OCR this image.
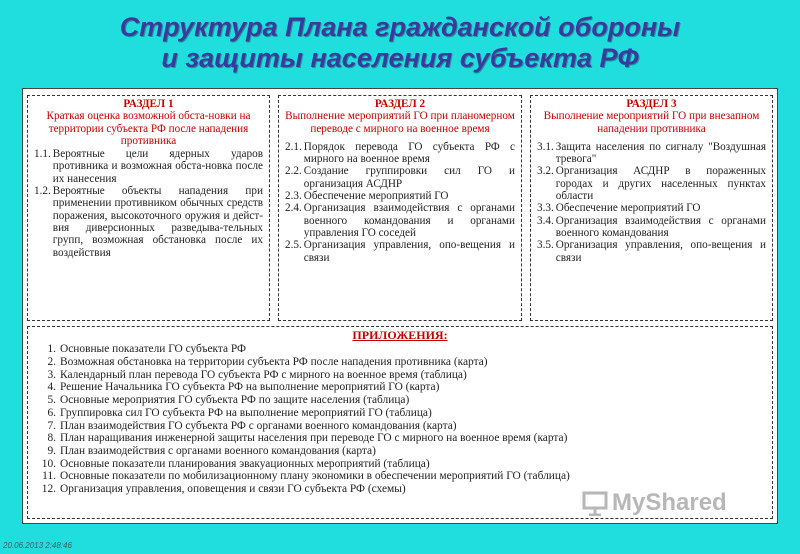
Структура Плана гражданской обороны
и защиты населения субъекта РФ
РАЗДЕЛ 1
Краткая оценка возможной обста-новки на территории субъекта РФ после нападения противника
1.1. Вероятные цели ядерных ударов противника и возможная обста-новка после их нанесения
1.2. Вероятные объекты нападения при применении противником обычных средств поражения, высокоточного оружия и дейст-вия диверсионных разведыва-тельных групп, возможная обстановка после их воздействия
РАЗДЕЛ 2
Выполнение мероприятий ГО при планомерном переводе с мирного на военное время
2.1. Порядок перевода ГО субъекта РФ с мирного на военное время
2.2. Создание группировки сил ГО и организация АСДНР
2.3. Обеспечение мероприятий ГО
2.4. Организация взаимодействия с органами военного командования и органами управления ГО соседей
2.5. Организация управления, опо-вещения и связи
РАЗДЕЛ 3
Выполнение мероприятий ГО при внезапном нападении противника
3.1. Защита населения по сигналу "Воздушная тревога"
3.2. Организация АСДНР в пораженных городах и других населенных пунктах области
3.3. Обеспечение мероприятий ГО
3.4. Организация взаимодействия с органами военного командования
3.5. Организация управления, опо-вещения и связи
ПРИЛОЖЕНИЯ:
1. Основные показатели ГО субъекта РФ
2. Возможная обстановка на территории субъекта РФ после нападения противника (карта)
3. Календарный план перевода ГО субъекта РФ с мирного на военное время (таблица)
4. Решение Начальника ГО субъекта РФ на выполнение мероприятий ГО (карта)
5. Основные мероприятия ГО субъекта РФ по защите населения (таблица)
6. Группировка сил ГО субъекта РФ на выполнение мероприятий ГО (таблица)
7. План взаимодействия ГО субъекта РФ с органами военного командования (карта)
8. План наращивания инженерной защиты населения при переводе ГО с мирного на военное время (карта)
9. План взаимодействия с органами военного командования (карта)
10. Основные показатели планирования эвакуационных мероприятий (таблица)
11. Основные показатели по мобилизационному плану экономики в обеспечении мероприятий ГО (таблица)
12. Организация управления, оповещения и связи ГО субъекта РФ (схемы)	MyShared
20.06.2013 2:48:46
